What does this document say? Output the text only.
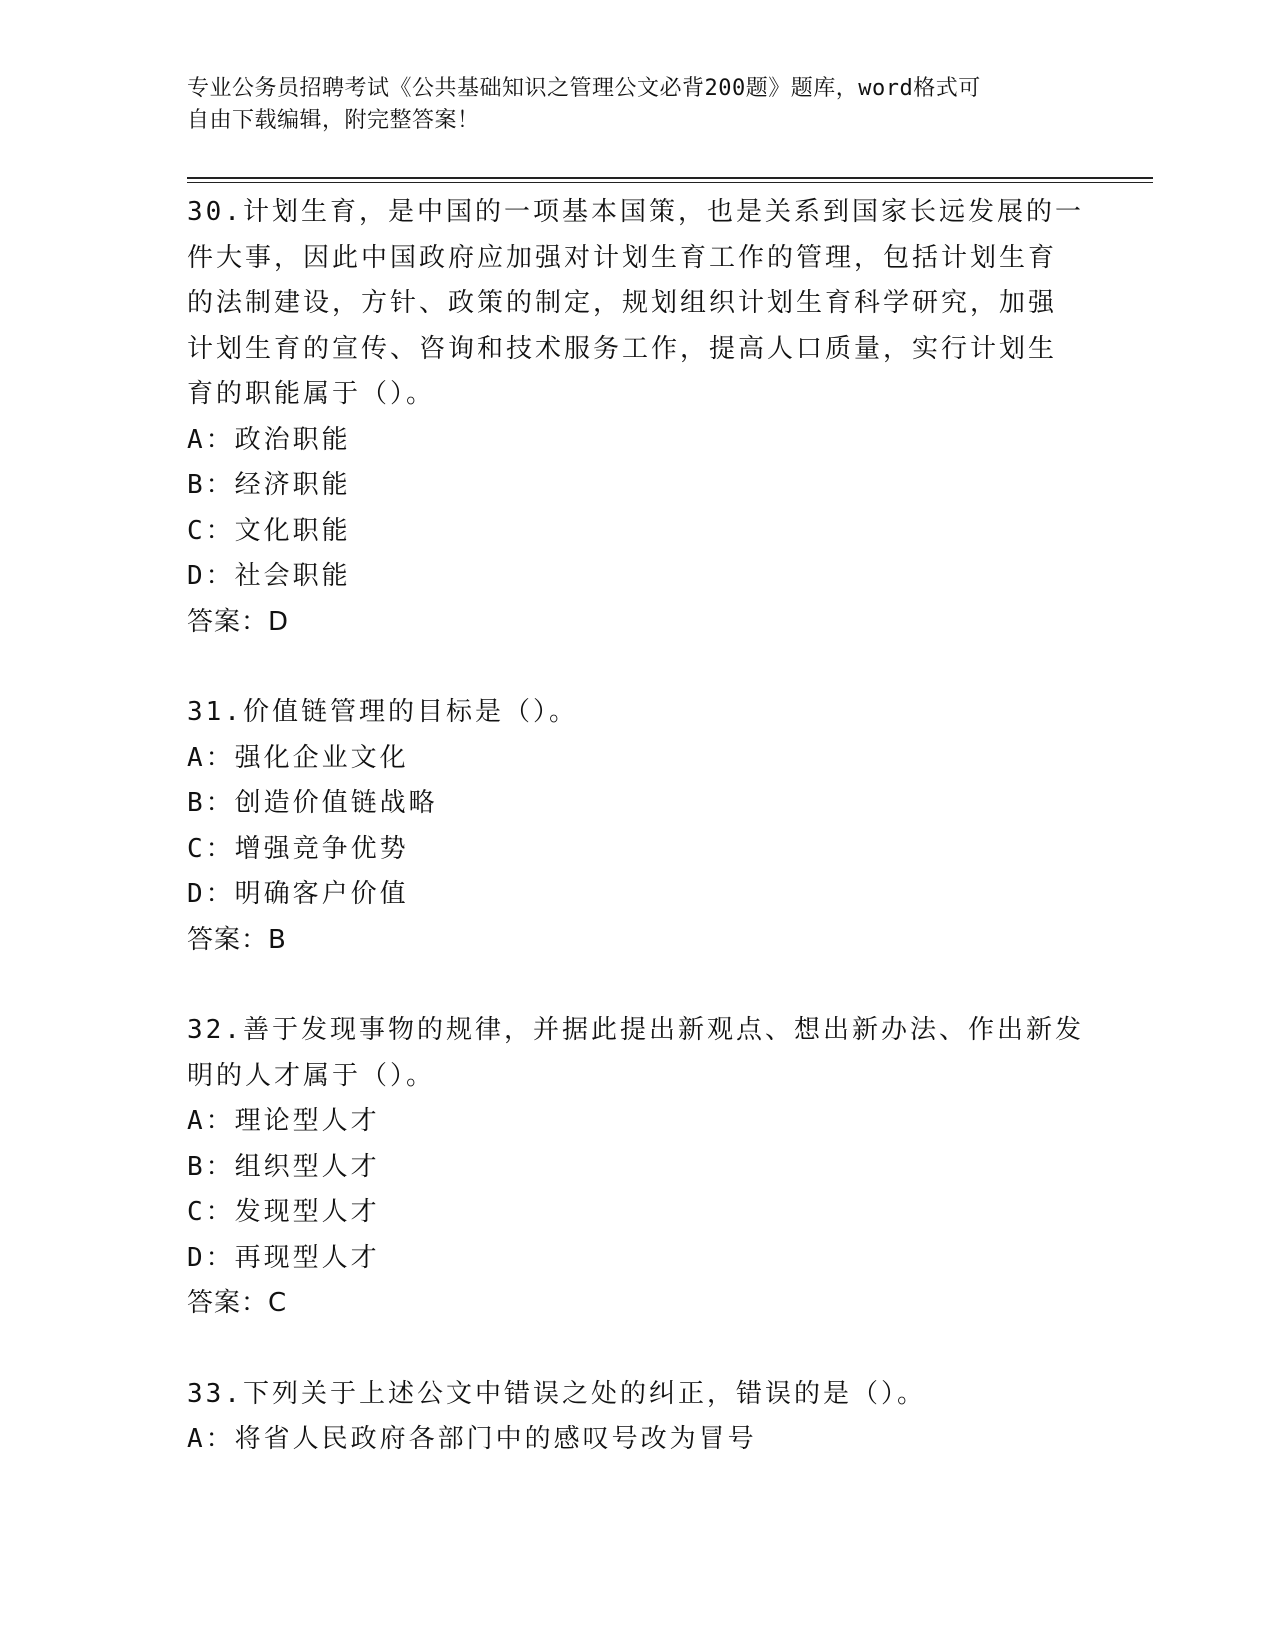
专业公务员招聘考试《公共基础知识之管理公文必背200题》题库，word格式可
自由下载编辑，附完整答案！
30.计划生育，是中国的一项基本国策，也是关系到国家长远发展的一
件大事，因此中国政府应加强对计划生育工作的管理，包括计划生育
的法制建设，方针、政策的制定，规划组织计划生育科学研究，加强
计划生育的宣传、咨询和技术服务工作，提高人口质量，实行计划生
育的职能属于（）。
A：政治职能
B：经济职能
C：文化职能
D：社会职能
答案：D
31.价值链管理的目标是（）。
A：强化企业文化
B：创造价值链战略
C：增强竞争优势
D：明确客户价值
答案：B
32.善于发现事物的规律，并据此提出新观点、想出新办法、作出新发
明的人才属于（）。
A：理论型人才
B：组织型人才
C：发现型人才
D：再现型人才
答案：C
33.下列关于上述公文中错误之处的纠正，错误的是（）。
A：将省人民政府各部门中的感叹号改为冒号
